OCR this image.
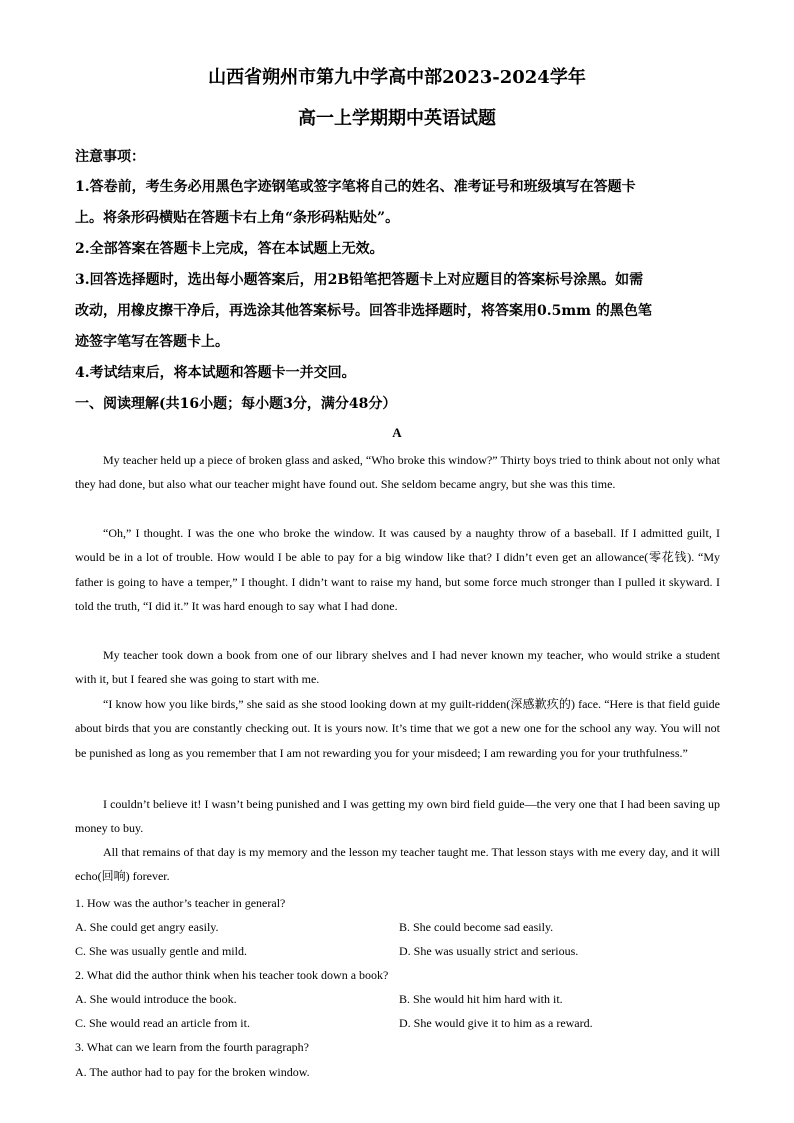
山西省朔州市第九中学高中部2023-2024学年
高一上学期期中英语试题
注意事项：
1.答卷前，考生务必用黑色字迹钢笔或签字笔将自己的姓名、准考证号和班级填写在答题卡
上。将条形码横贴在答题卡右上角“条形码粘贴处”。
2.全部答案在答题卡上完成，答在本试题上无效。
3.回答选择题时，选出每小题答案后，用2B铅笔把答题卡上对应题目的答案标号涂黑。如需
改动，用橡皮擦干净后，再选涂其他答案标号。回答非选择题时，将答案用0.5mm 的黑色笔
迹签字笔写在答题卡上。
4.考试结束后，将本试题和答题卡一并交回。
一、阅读理解(共16小题；每小题3分，满分48分）
A

My teacher held up a piece of broken glass and asked, “Who broke this window?” Thirty boys tried to think about not only what they had done, but also what our teacher might have found out. She seldom became angry, but she was this time.

“Oh,” I thought. I was the one who broke the window. It was caused by a naughty throw of a baseball. If I admitted guilt, I would be in a lot of trouble. How would I be able to pay for a big window like that? I didn’t even get an allowance(零花钱). “My father is going to have a temper,” I thought. I didn’t want to raise my hand, but some force much stronger than I pulled it skyward. I told the truth, “I did it.” It was hard enough to say what I had done.

My teacher took down a book from one of our library shelves and I had never known my teacher, who would strike a student with it, but I feared she was going to start with me.

“I know how you like birds,” she said as she stood looking down at my guilt-ridden(深感歉疚的) face. “Here is that field guide about birds that you are constantly checking out. It is yours now. It’s time that we got a new one for the school any way. You will not be punished as long as you remember that I am not rewarding you for your misdeed; I am rewarding you for your truthfulness.”

I couldn’t believe it! I wasn’t being punished and I was getting my own bird field guide—the very one that I had been saving up money to buy.

All that remains of that day is my memory and the lesson my teacher taught me. That lesson stays with me every day, and it will echo(回响) forever.

1. How was the author’s teacher in general?
A. She could get angry easily.	B. She could become sad easily.
C. She was usually gentle and mild.	D. She was usually strict and serious.
2. What did the author think when his teacher took down a book?
A. She would introduce the book.	B. She would hit him hard with it.
C. She would read an article from it.	D. She would give it to him as a reward.
3. What can we learn from the fourth paragraph?
A. The author had to pay for the broken window.
